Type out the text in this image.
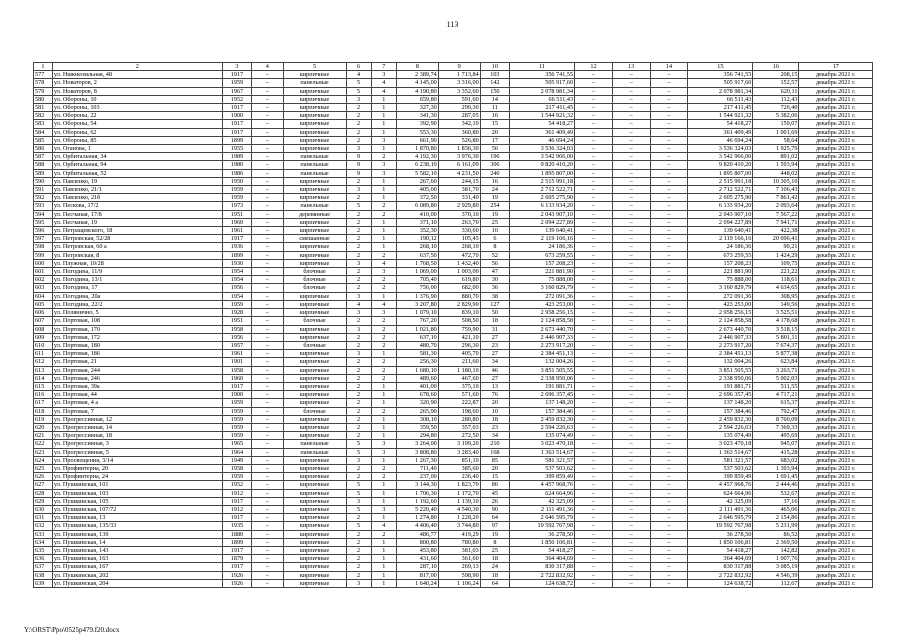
113
1	2	3	4	5	6	7	8	9	10	11	12	13	14	15	16	17
577	ул. Нижнеомльная, 48	1917	–	кирпичные	4	3	2 389,74	1 713,84	103	356 741,55	–	–	–	356 741,55	208,15	декабрь 2021 г.
578	ул. Новаторов, 2	1959	–	панельные	5	4	4 145,00	3 316,00	142	505 917,60	–	–	–	505 917,60	152,57	декабрь 2021 г.
579	ул. Новаторов, 8	1967	–	кирпичные	5	4	4 190,80	3 352,60	150	2 078 981,34	–	–	–	2 078 981,34	620,11	декабрь 2021 г.
580	ул. Обороны, 10	1952	–	кирпичные	3	1	659,80	591,60	14	66 511,43	–	–	–	66 511,43	112,43	декабрь 2021 г.
581	ул. Обороны, 103	1917	–	кирпичные	2	1	327,30	299,30	11	217 411,45	–	–	–	217 411,45	726,40	декабрь 2021 г.
582	ул. Обороны, 22	1900	–	кирпичные	2	1	341,30	287,05	16	1 544 921,32	–	–	–	1 544 921,32	5 382,06	декабрь 2021 г.
583	ул. Обороны, 54	1917	–	кирпичные	2	1	392,90	342,10	15	54 418,27	–	–	–	54 418,27	159,07	декабрь 2021 г.
584	ул. Обороны, 62	1917	–	кирпичные	2	1	553,30	360,80	20	361 409,49	–	–	–	361 409,49	1 001,69	декабрь 2021 г.
585	ул. Обороны, 85	1899	–	кирпичные	2	3	661,90	526,80	17	46 694,24	–	–	–	46 694,24	58,64	декабрь 2021 г.
586	ул. Оганова, 1	1955	–	кирпичные	3	1	1 870,80	1 836,30	56	3 536 324,03	–	–	–	3 536 324,03	1 925,79	декабрь 2021 г.
587	ул. Орбитальная, 34	1989	–	панельные	9	2	4 192,30	3 976,30	196	3 542 966,00	–	–	–	3 542 966,00	891,02	декабрь 2021 г.
588	ул. Орбитальная, 94	1980	–	панельные	9	3	6 238,10	6 161,09	306	9 820 410,20	–	–	–	9 820 410,20	1 593,94	декабрь 2021 г.
589	ул. Орбитальная, 52	1986	–	панельные	9	3	5 582,10	4 231,50	240	1 895 807,00	–	–	–	1 895 807,00	448,02	декабрь 2021 г.
590	ул. Павленко, 19	1950	–	кирпичные	2	1	267,60	244,15	16	2 515 991,18	–	–	–	2 515 991,18	10 305,10	декабрь 2021 г.
591	ул. Павленко, 21/1	1959	–	кирпичные	3	1	405,00	381,70	24	2 712 522,71	–	–	–	2 712 522,71	7 106,43	декабрь 2021 г.
592	ул. Павленко, 21б	1959	–	кирпичные	2	1	372,50	331,40	19	2 605 275,90	–	–	–	2 605 275,90	7 861,42	декабрь 2021 г.
593	ул. Пескова, 17/2	1973	–	панельные	5	2	6 089,80	2 929,80	254	6 133 934,20	–	–	–	6 133 934,20	2 093,64	декабрь 2021 г.
594	ул. Песчаная, 17/8	1951	–	деревянные	2	2	410,00	370,10	19	2 043 907,10	–	–	–	2 043 907,10	7 567,22	декабрь 2021 г.
595	ул. Песчаная, 19	1960	–	кирпичные	2	1	371,10	263,70	25	2 094 227,89	–	–	–	2 094 227,89	7 941,71	декабрь 2021 г.
596	ул. Петращевского, 18	1961	–	кирпичные	2	1	352,30	330,60	10	139 640,41	–	–	–	139 640,41	422,38	декабрь 2021 г.
597	ул. Петровская, 52/28	1917	–	смешанные	2	1	190,12	105,45	6	2 119 166,16	–	–	–	2 119 166,16	20 096,41	декабрь 2021 г.
598	ул. Петровская, 60 а	1936	–	кирпичные	2	1	268,10	268,10	8	24 186,36	–	–	–	24 186,36	90,21	декабрь 2021 г.
599	ул. Петровская, 8	1899	–	кирпичные	2	2	637,50	472,70	52	673 259,55	–	–	–	673 259,55	1 424,29	декабрь 2021 г.
600	ул. Плужная, 10/28	1930	–	кирпичные	3	4	1 768,50	1 432,40	56	157 208,23	–	–	–	157 208,23	109,75	декабрь 2021 г.
601	ул. Погодина, 11/9	1954	–	блочные	2	3	1 069,00	1 003,00	47	221 881,90	–	–	–	221 881,90	221,22	декабрь 2021 г.
602	ул. Погодина, 13/1	1954	–	блочные	2	2	705,40	619,80	30	75 888,00	–	–	–	75 888,00	118,61	декабрь 2021 г.
603	ул. Погодина, 17	1956	–	блочные	2	2	756,00	682,00	36	3 160 829,79	–	–	–	3 160 829,79	4 634,65	декабрь 2021 г.
604	ул. Погодина, 20а	1954	–	кирпичные	3	1	1 376,90	880,70	38	272 091,36	–	–	–	272 091,36	308,95	декабрь 2021 г.
605	ул. Погодина, 22/2	1959	–	кирпичные	4	4	3 207,80	2 829,90	127	423 253,00	–	–	–	423 253,00	149,56	декабрь 2021 г.
606	ул. Полянично, 5	1928	–	кирпичные	3	3	1 079,10	839,10	50	2 958 256,15	–	–	–	2 958 256,15	3 525,51	декабрь 2021 г.
607	ул. Портовая, 108	1951	–	блочные	2	2	767,20	508,50	18	2 124 858,58	–	–	–	2 124 858,58	4 178,68	декабрь 2021 г.
608	ул. Портовая, 170	1958	–	кирпичные	3	2	1 021,80	759,90	31	2 673 440,70	–	–	–	2 673 440,70	3 518,15	декабрь 2021 г.
609	ул. Портовая, 172	1956	–	кирпичные	2	2	637,10	421,10	27	2 446 907,33	–	–	–	2 446 907,33	5 801,11	декабрь 2021 г.
610	ул. Портовая, 180	1957	–	блочные	2	2	480,70	296,30	23	2 273 917,20	–	–	–	2 273 917,20	7 674,37	декабрь 2021 г.
611	ул. Портовая, 186	1961	–	кирпичные	3	1	581,30	405,70	27	2 384 451,13	–	–	–	2 384 451,13	5 877,38	декабрь 2021 г.
612	ул. Портовая, 21	1901	–	кирпичные	2	2	256,30	211,60	34	132 004,26	–	–	–	132 004,26	623,84	декабрь 2021 г.
613	ул. Портовая, 244	1958	–	кирпичные	2	2	1 680,10	1 180,10	46	3 851 505,55	–	–	–	3 851 505,55	3 263,71	декабрь 2021 г.
614	ул. Портовая, 246	1960	–	кирпичные	2	2	489,60	467,60	27	2 338 950,06	–	–	–	2 338 950,06	5 002,03	декабрь 2021 г.
615	ул. Портовая, 39а	1917	–	кирпичные	2	1	401,00	375,10	13	191 881,71	–	–	–	191 881,71	511,55	декабрь 2021 г.
616	ул. Портовая, 44	1900	–	кирпичные	2	1	678,60	571,60	76	2 696 357,45	–	–	–	2 696 357,45	4 717,21	декабрь 2021 г.
617	ул. Портовая, 4 а	1959	–	кирпичные	2	1	320,90	222,87	20	137 148,20	–	–	–	137 148,20	615,37	декабрь 2021 г.
618	ул. Портовая, 7	1959	–	блочные	2	2	265,90	198,60	10	157 384,46	–	–	–	157 384,46	792,47	декабрь 2021 г.
619	ул. Прогрессивная, 12	1959	–	кирпичные	2	1	308,10	280,80	18	2 459 832,30	–	–	–	2 459 832,30	8 760,09	декабрь 2021 г.
620	ул. Прогрессивная, 14	1959	–	кирпичные	2	1	359,50	357,03	23	2 594 226,63	–	–	–	2 594 226,63	7 369,33	декабрь 2021 г.
621	ул. Прогрессивная, 18	1959	–	кирпичные	2	1	294,80	272,50	34	135 074,49	–	–	–	135 074,49	495,69	декабрь 2021 г.
622	ул. Прогрессивная, 3	1965	–	панельные	5	3	3 264,00	3 199,20	210	3 023 470,18	–	–	–	3 023 470,18	945,07	декабрь 2021 г.
623	ул. Прогрессивная, 5	1964	–	панельные	5	3	3 808,80	3 283,40	168	1 363 514,67	–	–	–	1 363 514,67	415,28	декабрь 2021 г.
624	ул. Просвещения, 3/14	1949	–	кирпичные	3	1	1 267,30	851,10	85	581 321,57	–	–	–	581 321,57	683,02	декабрь 2021 г.
625	ул. Профинтерна, 20	1958	–	кирпичные	2	2	711,40	385,60	20	537 503,62	–	–	–	537 503,62	1 393,94	декабрь 2021 г.
626	ул. Профинтерна, 24	1959	–	кирпичные	2	2	237,00	236,40	15	399 859,49	–	–	–	399 859,49	1 691,45	декабрь 2021 г.
627	ул. Пушкинская, 101	1952	–	кирпичные	5	1	3 144,30	1 823,70	86	4 457 968,76	–	–	–	4 457 968,76	2 444,46	декабрь 2021 г.
628	ул. Пушкинская, 103	1912	–	кирпичные	5	1	1 706,30	1 172,70	45	624 664,96	–	–	–	624 664,96	532,67	декабрь 2021 г.
629	ул. Пушкинская, 105	1917	–	кирпичные	3	1	1 192,60	1 139,10	26	42 325,09	–	–	–	42 325,09	37,16	декабрь 2021 г.
630	ул. Пушкинская, 107/72	1912	–	кирпичные	5	3	5 220,40	4 540,30	90	2 111 491,36	–	–	–	2 111 491,36	465,06	декабрь 2021 г.
631	ул. Пушкинская, 13	1917	–	кирпичные	2	1	1 274,80	1 228,20	64	2 646 595,79	–	–	–	2 646 595,79	2 154,86	декабрь 2021 г.
632	ул. Пушкинская, 135/33	1935	–	кирпичные	5	4	4 406,40	3 744,80	97	19 592 767,98	–	–	–	19 592 767,98	5 231,99	декабрь 2021 г.
633	ул. Пушкинская, 139	1880	–	кирпичные	2	2	486,77	419,29	19	36 278,50	–	–	–	36 278,50	86,52	декабрь 2021 г.
634	ул. Пушкинская, 14	1899	–	кирпичные	2	1	800,80	780,80	8	1 850 106,81	–	–	–	1 850 106,81	2 369,50	декабрь 2021 г.
635	ул. Пушкинская, 143	1917	–	кирпичные	2	1	453,80	381,03	25	54 418,27	–	–	–	54 418,27	142,82	декабрь 2021 г.
636	ул. Пушкинская, 163	1879	–	кирпичные	2	1	431,60	361,60	18	364 404,69	–	–	–	364 404,69	1 007,76	декабрь 2021 г.
637	ул. Пушкинская, 167	1917	–	кирпичные	2	1	287,10	269,13	24	830 317,88	–	–	–	830 317,88	3 085,19	декабрь 2021 г.
638	ул. Пушкинская, 202	1926	–	кирпичные	2	1	817,00	598,90	18	2 722 832,92	–	–	–	2 722 832,92	4 546,39	декабрь 2021 г.
639	ул. Пушкинская, 204	1926	–	кирпичные	3	1	1 640,24	1 106,24	64	124 638,72	–	–	–	124 638,72	112,67	декабрь 2021 г.
Y:\ORST\Ppo\0525p479.f20.docx
